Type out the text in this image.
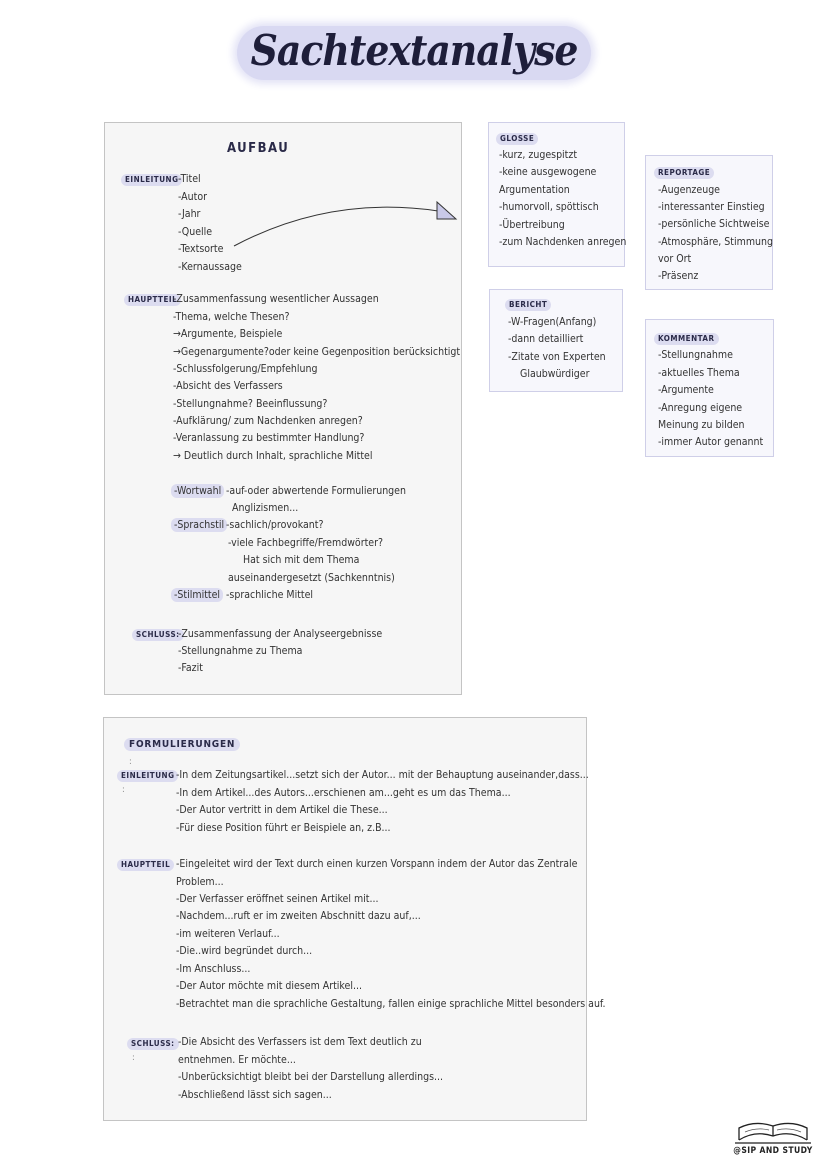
Sachtextanalyse
AUFBAU
EINLEITUNG -Titel
-Autor
-Jahr
-Quelle
-Textsorte
-Kernaussage
HAUPTTEIL
-Zusammenfassung wesentlicher Aussagen
-Thema, welche Thesen?
→Argumente, Beispiele
→Gegenargumente?oder keine Gegenposition berücksichtigt
-Schlussfolgerung/Empfehlung
-Absicht des Verfassers
-Stellungnahme? Beeinflussung?
-Aufklärung/ zum Nachdenken anregen?
-Veranlassung zu bestimmter Handlung?
→ Deutlich durch Inhalt, sprachliche Mittel
-Wortwahl -auf-oder abwertende Formulierungen
Anglizismen...
-Sprachstil -sachlich/provokant?
-viele Fachbegriffe/Fremdwörter?
Hat sich mit dem Thema
auseinandergesetzt (Sachkenntnis)
-Stilmittel -sprachliche Mittel
SCHLUSS:
-Zusammenfassung der Analyseergebnisse
-Stellungnahme zu Thema
-Fazit
GLOSSE
-kurz, zugespitzt
-keine ausgewogene
Argumentation
-humorvoll, spöttisch
-Übertreibung
-zum Nachdenken anregen
REPORTAGE
-Augenzeuge
-interessanter Einstieg
-persönliche Sichtweise
-Atmosphäre, Stimmung
vor Ort
-Präsenz
BERICHT
-W-Fragen(Anfang)
-dann detailliert
-Zitate von Experten
Glaubwürdiger
KOMMENTAR
-Stellungnahme
-aktuelles Thema
-Argumente
-Anregung eigene
Meinung zu bilden
-immer Autor genannt
FORMULIERUNGEN
EINLEITUNG
:
:
-In dem Zeitungsartikel...setzt sich der Autor... mit der Behauptung auseinander,dass...
-In dem Artikel...des Autors...erschienen am...geht es um das Thema...
-Der Autor vertritt in dem Artikel die These...
-Für diese Position führt er Beispiele an, z.B...
HAUPTTEIL -Eingeleitet wird der Text durch einen kurzen Vorspann indem der Autor das Zentrale
Problem...
-Der Verfasser eröffnet seinen Artikel mit...
-Nachdem...ruft er im zweiten Abschnitt dazu auf,...
-im weiteren Verlauf...
-Die..wird begründet durch...
-Im Anschluss...
-Der Autor möchte mit diesem Artikel...
-Betrachtet man die sprachliche Gestaltung, fallen einige sprachliche Mittel besonders auf.
SCHLUSS:
:
-Die Absicht des Verfassers ist dem Text deutlich zu
entnehmen. Er möchte...
-Unberücksichtigt bleibt bei der Darstellung allerdings...
-Abschließend lässt sich sagen...
@SIP AND STUDY
